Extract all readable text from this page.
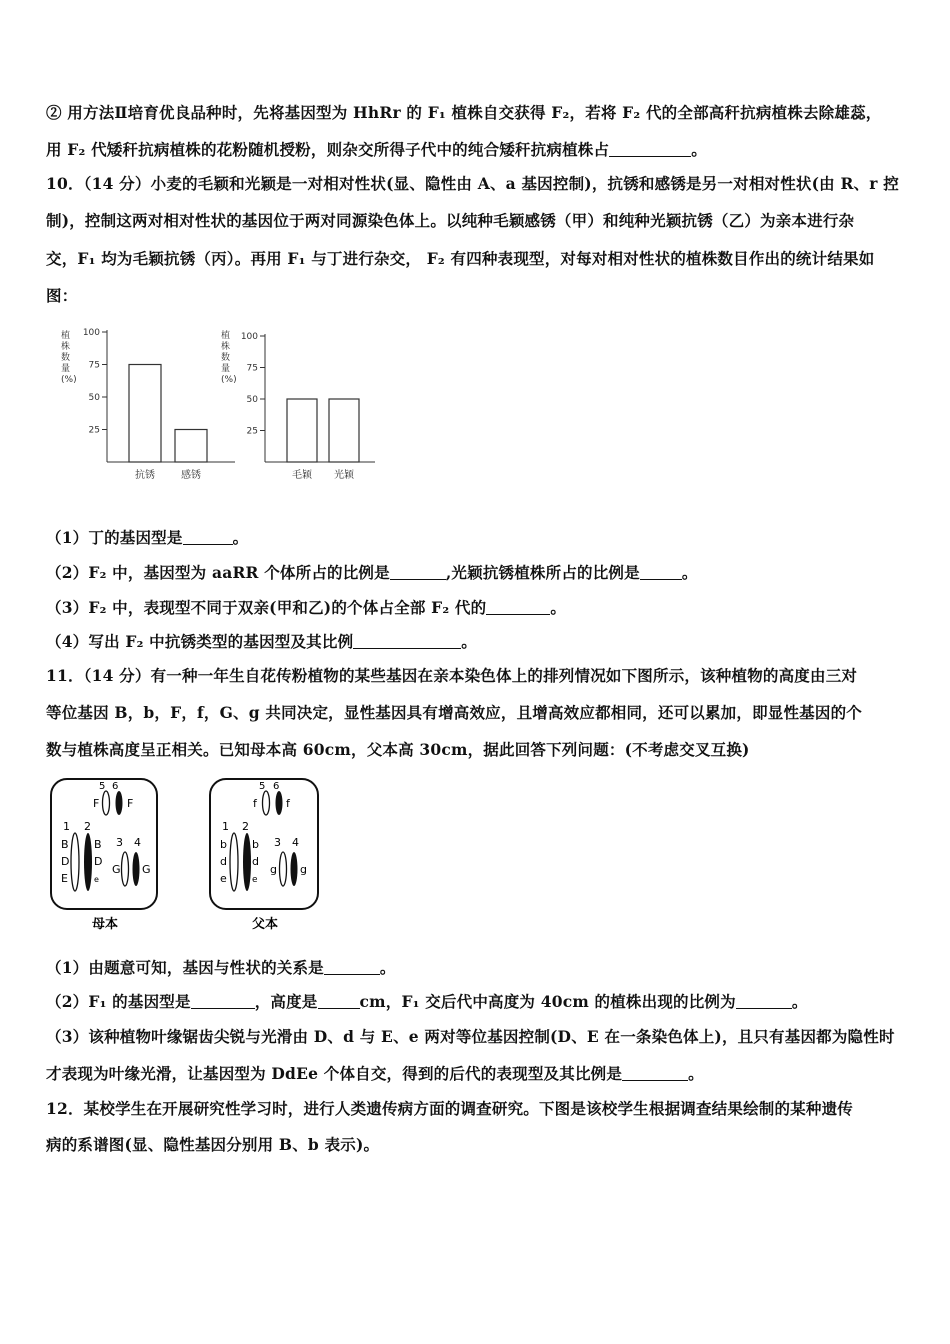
② 用方法Ⅱ培育优良品种时，先将基因型为 HhRr 的 F₁ 植株自交获得 F₂，若将 F₂ 代的全部高秆抗病植株去除雄蕊，
用 F₂ 代矮秆抗病植株的花粉随机授粉，则杂交所得子代中的纯合矮秆抗病植株占	。
10．（14 分）小麦的毛颖和光颖是一对相对性状(显、隐性由 A、a 基因控制)，抗锈和感锈是另一对相对性状(由 R、r 控
制)，控制这两对相对性状的基因位于两对同源染色体上。以纯种毛颖感锈（甲）和纯种光颖抗锈（乙）为亲本进行杂
交，F₁ 均为毛颖抗锈（丙）。再用 F₁ 与丁进行杂交， F₂ 有四种表现型，对每对相对性状的植株数目作出的统计结果如
图：
植
株
数
量
(%)
25
50
75
100
抗锈	感锈
植
株
数
量
(%)
25
50
75
100
毛颖 光颖
（1）丁的基因型是	。
（2）F₂ 中，基因型为 aaRR 个体所占的比例是	,光颖抗锈植株所占的比例是	。
（3）F₂ 中，表现型不同于双亲(甲和乙)的个体占全部 F₂ 代的	。
（4）写出 F₂ 中抗锈类型的基因型及其比例	。
11．（14 分）有一种一年生自花传粉植物的某些基因在亲本染色体上的排列情况如下图所示，该种植物的高度由三对
等位基因 B，b，F，f，G、g 共同决定，显性基因具有增高效应，且增高效应都相同，还可以累加，即显性基因的个
数与植株高度呈正相关。已知母本高 60cm，父本高 30cm，据此回答下列问题：(不考虑交叉互换)
5 6
F	F
1 2
B
D
E
B
D
e
3 4
G G
母本
5 6
f	f
1 2
b
d
e
b
d
e
3 4
g g
父本
（1）由题意可知，基因与性状的关系是	。
（2）F₁ 的基因型是	，高度是	cm，F₁ 交后代中高度为 40cm 的植株出现的比例为	。
（3）该种植物叶缘锯齿尖锐与光滑由 D、d 与 E、e 两对等位基因控制(D、E 在一条染色体上)，且只有基因都为隐性时
才表现为叶缘光滑，让基因型为 DdEe 个体自交，得到的后代的表现型及其比例是	。
12．某校学生在开展研究性学习时，进行人类遗传病方面的调查研究。下图是该校学生根据调查结果绘制的某种遗传
病的系谱图(显、隐性基因分别用 B、b 表示)。
